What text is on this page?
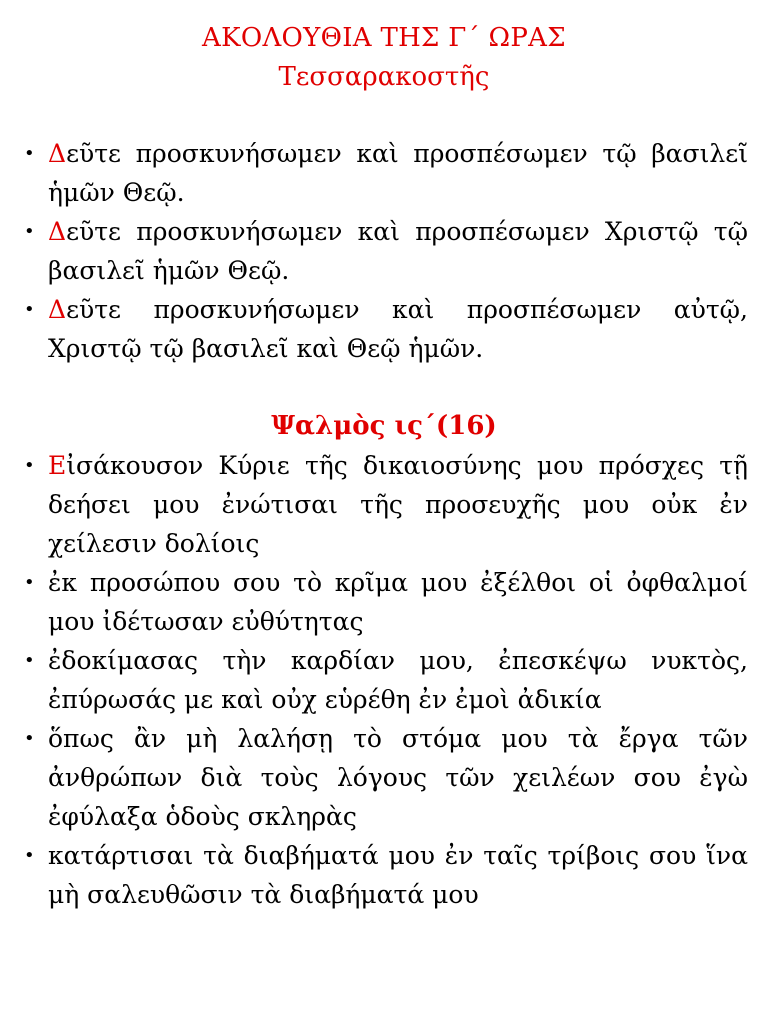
ΑΚΟΛΟΥΘΙΑ ΤΗΣ Γ΄ ΩΡΑΣ
Τεσσαρακοστῆς
• Δεῦτε προσκυνήσωμεν καὶ προσπέσωμεν τῷ βασιλεῖ ἡμῶν Θεῷ.
• Δεῦτε προσκυνήσωμεν καὶ προσπέσωμεν Χριστῷ τῷ βασιλεῖ ἡμῶν Θεῷ.
• Δεῦτε προσκυνήσωμεν καὶ προσπέσωμεν αὐτῷ, Χριστῷ τῷ βασιλεῖ καὶ Θεῷ ἡμῶν.
Ψαλμὸς ις΄(16)
• Εἰσάκουσον Κύριε τῆς δικαιοσύνης μου πρόσχες τῇ δεήσει μου ἐνώτισαι τῆς προσευχῆς μου οὐκ ἐν χείλεσιν δολίοις
• ἐκ προσώπου σου τὸ κρῖμα μου ἐξέλθοι οἱ ὀφθαλμοί μου ἰδέτωσαν εὐθύτητας
• ἐδοκίμασας τὴν καρδίαν μου, ἐπεσκέψω νυκτὸς, ἐπύρωσάς με καὶ οὐχ εὑρέθη ἐν ἐμοὶ ἀδικία
• ὅπως ἂν μὴ λαλήσῃ τὸ στόμα μου τὰ ἔργα τῶν ἀνθρώπων διὰ τοὺς λόγους τῶν χειλέων σου ἐγὼ ἐφύλαξα ὁδοὺς σκληρὰς
• κατάρτισαι τὰ διαβήματά μου ἐν ταῖς τρίβοις σου ἵνα μὴ σαλευθῶσιν τὰ διαβήματά μου
